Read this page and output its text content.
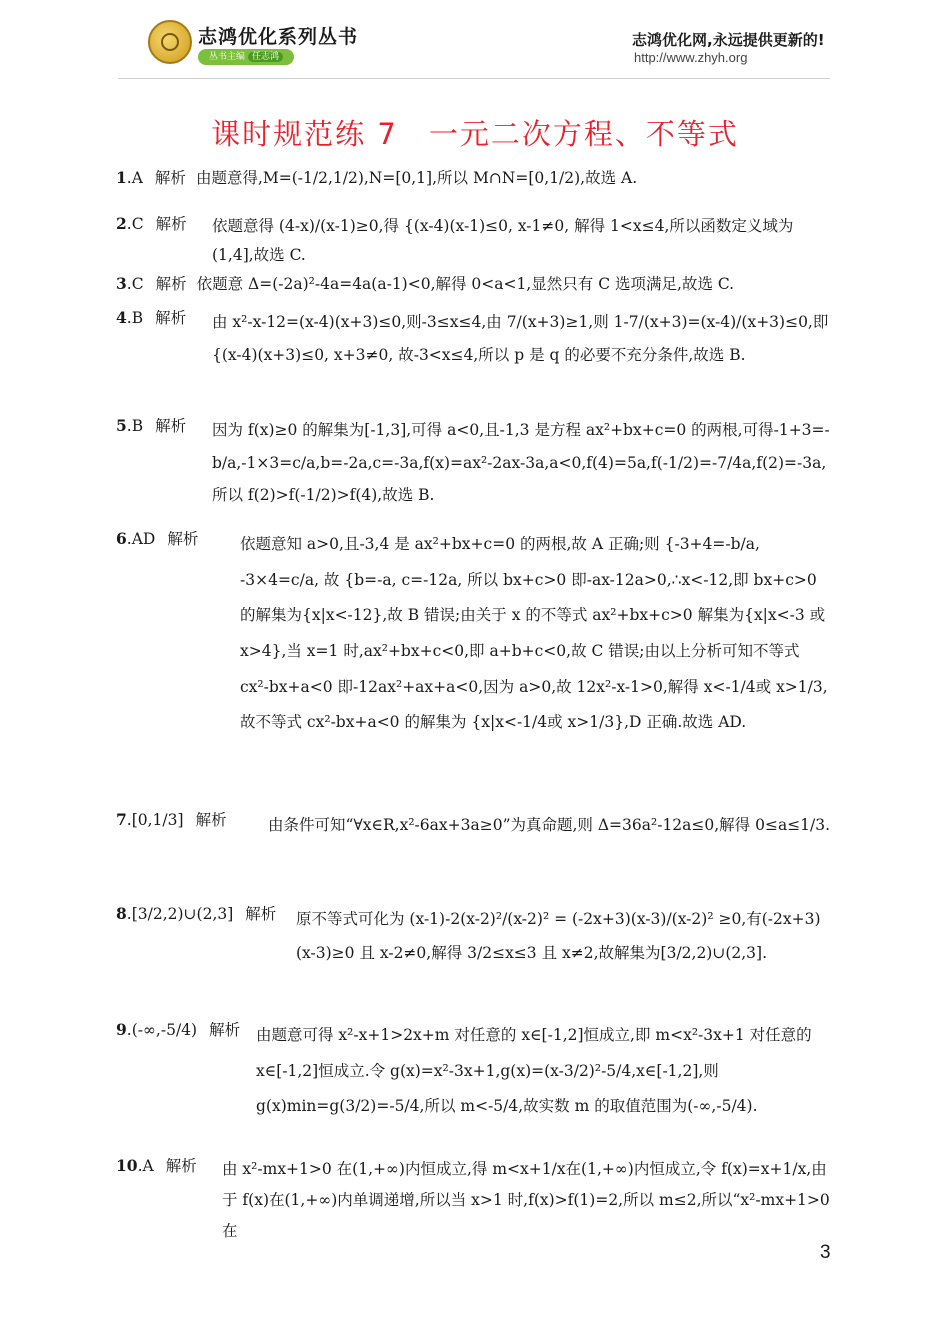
志鸿优化系列丛书
丛书主编 任志鸿
志鸿优化网,永远提供更新的!
http://www.zhyh.org
课时规范练 7　一元二次方程、不等式
1.A 解析 由题意得,M=(-1/2,1/2),N=[0,1],所以 M∩N=[0,1/2),故选 A.
2.C 解析	依题意得 (4-x)/(x-1)≥0,得 {(x-4)(x-1)≤0, x-1≠0, 解得 1<x≤4,所以函数定义域为(1,4],故选 C.
3.C 解析 依题意 Δ=(-2a)²-4a=4a(a-1)<0,解得 0<a<1,显然只有 C 选项满足,故选 C.
4.B 解析	由 x²-x-12=(x-4)(x+3)≤0,则-3≤x≤4,由 7/(x+3)≥1,则 1-7/(x+3)=(x-4)/(x+3)≤0,即 {(x-4)(x+3)≤0, x+3≠0, 故-3<x≤4,所以 p 是 q 的必要不充分条件,故选 B.
5.B 解析	因为 f(x)≥0 的解集为[-1,3],可得 a<0,且-1,3 是方程 ax²+bx+c=0 的两根,可得-1+3=-b/a,-1×3=c/a,b=-2a,c=-3a,f(x)=ax²-2ax-3a,a<0,f(4)=5a,f(-1/2)=-7/4a,f(2)=-3a,所以 f(2)>f(-1/2)>f(4),故选 B.
6.AD 解析	依题意知 a>0,且-3,4 是 ax²+bx+c=0 的两根,故 A 正确;则 {-3+4=-b/a, -3×4=c/a, 故 {b=-a, c=-12a, 所以 bx+c>0 即-ax-12a>0,∴x<-12,即 bx+c>0 的解集为{x|x<-12},故 B 错误;由关于 x 的不等式 ax²+bx+c>0 解集为{x|x<-3 或 x>4},当 x=1 时,ax²+bx+c<0,即 a+b+c<0,故 C 错误;由以上分析可知不等式 cx²-bx+a<0 即-12ax²+ax+a<0,因为 a>0,故 12x²-x-1>0,解得 x<-1/4或 x>1/3,故不等式 cx²-bx+a<0 的解集为 {x|x<-1/4或 x>1/3},D 正确.故选 AD.
7.[0,1/3] 解析	由条件可知“∀x∈R,x²-6ax+3a≥0”为真命题,则 Δ=36a²-12a≤0,解得 0≤a≤1/3.
8.[3/2,2)∪(2,3] 解析	原不等式可化为 (x-1)-2(x-2)²/(x-2)² = (-2x+3)(x-3)/(x-2)² ≥0,有(-2x+3)(x-3)≥0 且 x-2≠0,解得 3/2≤x≤3 且 x≠2,故解集为[3/2,2)∪(2,3].
9.(-∞,-5/4) 解析	由题意可得 x²-x+1>2x+m 对任意的 x∈[-1,2]恒成立,即 m<x²-3x+1 对任意的 x∈[-1,2]恒成立.令 g(x)=x²-3x+1,g(x)=(x-3/2)²-5/4,x∈[-1,2],则 g(x)min=g(3/2)=-5/4,所以 m<-5/4,故实数 m 的取值范围为(-∞,-5/4).
10.A 解析	由 x²-mx+1>0 在(1,+∞)内恒成立,得 m<x+1/x在(1,+∞)内恒成立,令 f(x)=x+1/x,由于 f(x)在(1,+∞)内单调递增,所以当 x>1 时,f(x)>f(1)=2,所以 m≤2,所以“x²-mx+1>0 在
3
